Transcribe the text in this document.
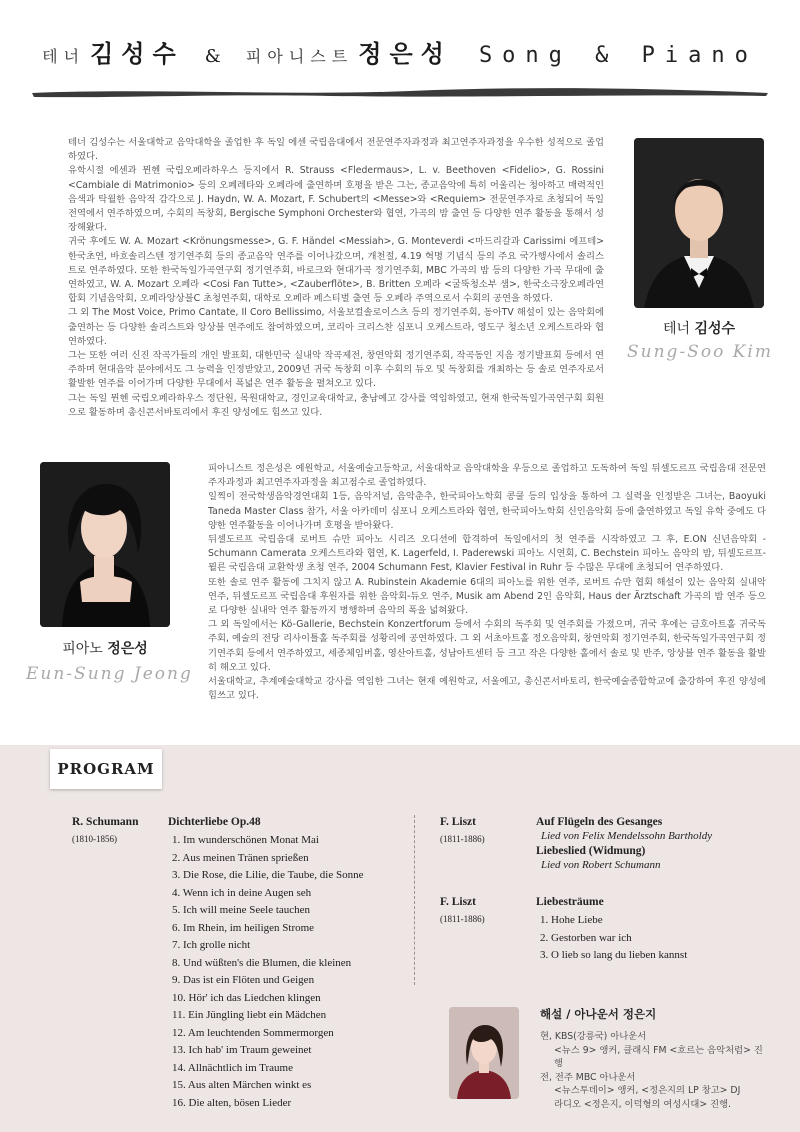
테너 김성수 & 피아니스트 정은성 Song & Piano

테너 김성수는 서울대학교 음악대학을 졸업한 후 독일 에센 국립음대에서 전문연주자과정과 최고연주자과정을 우수한 성적으로 졸업하였다.

유학시절 에센과 뮌헨 국립오페라하우스 등지에서 R. Strauss <Fledermaus>, L. v. Beethoven <Fidelio>, G. Rossini <Cambiale di Matrimonio> 등의 오페레타와 오페라에 출연하며 호평을 받은 그는, 종교음악에 특히 어울리는 청아하고 매력적인 음색과 탁월한 음악적 감각으로 J. Haydn, W. A. Mozart, F. Schubert의 <Messe>와 <Requiem> 전문연주자로 초청되어 독일 전역에서 연주하였으며, 수회의 독창회, Bergische Symphoni Orchester와 협연, 가곡의 밤 출연 등 다양한 연주 활동을 통해서 성장해왔다.

귀국 후에도 W. A. Mozart <Krönungsmesse>, G. F. Händel <Messiah>, G. Monteverdi <마드리갈과 Carissimi 에프테> 한국초연, 바흐솔리스텐 정기연주회 등의 종교음악 연주를 이어나갔으며, 개천절, 4.19 혁명 기념식 등의 주요 국가행사에서 솔리스트로 연주하였다. 또한 한국독일가곡연구회 정기연주회, 바로크와 현대가곡 정기연주회, MBC 가곡의 밤 등의 다양한 가곡 무대에 출연하였고, W. A. Mozart 오페라 <Cosi Fan Tutte>, <Zauberflöte>, B. Britten 오페라 <굴뚝청소부 샘>, 한국소극장오페라연합회 기념음악회, 오페라앙상블C 초청연주회, 대학로 오페라 페스티벌 출연 등 오페라 주역으로서 수회의 공연을 하였다.

그 외 The Most Voice, Primo Cantate, Il Coro Bellissimo, 서울보컬솔로이스츠 등의 정기연주회, 동아TV 해설이 있는 음악회에 출연하는 등 다양한 솔리스트와 앙상블 연주에도 참여하였으며, 코리아 크리스찬 심포니 오케스트라, 영도구 청소년 오케스트라와 협연하였다.

그는 또한 여러 신진 작곡가들의 개인 발표회, 대한민국 실내악 작곡제전, 창연악회 정기연주회, 작곡동인 지음 정기발표회 등에서 연주하며 현대음악 분야에서도 그 능력을 인정받았고, 2009년 귀국 독창회 이후 수회의 듀오 및 독창회를 개최하는 등 솔로 연주자로서 활발한 연주를 이어가며 다양한 무대에서 폭넓은 연주 활동을 펼쳐오고 있다.

그는 독일 뮌헨 국립오페라하우스 정단원, 목원대학교, 경인교육대학교, 충남예고 강사를 역임하였고, 현재 한국독일가곡연구회 회원으로 활동하며 총신콘서바토리에서 후진 양성에도 힘쓰고 있다.

테너 김성수
Sung-Soo Kim
피아노 정은성
Eun-Sung Jeong

피아니스트 정은성은 예원학교, 서울예술고등학교, 서울대학교 음악대학을 우등으로 졸업하고 도독하여 독일 뒤셀도르프 국립음대 전문연주자과정과 최고연주자과정을 최고점수로 졸업하였다.

일찍이 전국학생음악경연대회 1등, 음악저널, 음악춘추, 한국피아노학회 콩쿨 등의 입상을 통하여 그 실력을 인정받은 그녀는, Baoyuki Taneda Master Class 참가, 서울 아카데미 심포니 오케스트라와 협연, 한국피아노학회 신인음악회 등에 출연하였고 독일 유학 중에도 다양한 연주활동을 이어나가며 호평을 받아왔다.

뒤셀도르프 국립음대 로버트 슈만 피아노 시리즈 오디션에 합격하여 독일에서의 첫 연주를 시작하였고 그 후, E.ON 신년음악회 -Schumann Camerata 오케스트라와 협연, K. Lagerfeld, I. Paderewski 피아노 시연회, C. Bechstein 피아노 음악의 밤, 뒤셀도르프-뮐른 국립음대 교환학생 초청 연주, 2004 Schumann Fest, Klavier Festival in Ruhr 등 수많은 무대에 초청되어 연주하였다.

또한 솔로 연주 활동에 그치지 않고 A. Rubinstein Akademie 6대의 피아노를 위한 연주, 로버트 슈만 협회 해설이 있는 음악회 실내악 연주, 뒤셀도르프 국립음대 후원자를 위한 음악회-듀오 연주, Musik am Abend 2인 음악회, Haus der Ärztschaft 가곡의 밤 연주 등으로 다양한 실내악 연주 활동까지 병행하며 음악의 폭을 넓혀왔다.

그 외 독일에서는 Kö-Gallerie, Bechstein Konzertforum 등에서 수회의 독주회 및 연주회를 가졌으며, 귀국 후에는 금호아트홀 귀국독주회, 예술의 전당 리사이틀홀 독주회를 성황리에 공연하였다. 그 외 서초아트홀 정오음악회, 창연악회 정기연주회, 한국독일가곡연구회 정기연주회 등에서 연주하였고, 세종체임버홀, 영산아트홀, 성남아트센터 등 크고 작은 다양한 홀에서 솔로 및 반주, 앙상블 연주 활동을 활발히 해오고 있다.

서울대학교, 추계예술대학교 강사를 역임한 그녀는 현재 예원학교, 서울예고, 총신콘서바토리, 한국예술종합학교에 출강하여 후진 양성에 힘쓰고 있다.

PROGRAM
R. Schumann
(1810-1856)
Dichterliebe Op.48
1. Im wunderschönen Monat Mai
2. Aus meinen Tränen sprießen
3. Die Rose, die Lilie, die Taube, die Sonne
4. Wenn ich in deine Augen seh
5. Ich will meine Seele tauchen
6. Im Rhein, im heiligen Strome
7. Ich grolle nicht
8. Und wüßten's die Blumen, die kleinen
9. Das ist ein Flöten und Geigen
10. Hör' ich das Liedchen klingen
11. Ein Jüngling liebt ein Mädchen
12. Am leuchtenden Sommermorgen
13. Ich hab' im Traum geweinet
14. Allnächtlich im Traume
15. Aus alten Märchen winkt es
16. Die alten, bösen Lieder
F. Liszt
(1811-1886)
Auf Flügeln des Gesanges
Lied von Felix Mendelssohn Bartholdy
Liebeslied (Widmung)
Lied von Robert Schumann
F. Liszt
(1811-1886)
Liebesträume
1. Hohe Liebe
2. Gestorben war ich
3. O lieb so lang du lieben kannst
해설 / 아나운서 정은지
현, KBS(강릉국) 아나운서
<뉴스 9> 앵커, 클래식 FM <흐르는 음악처럼> 진행
전, 전주 MBC 아나운서
<뉴스투데이> 앵커, <정은지의 LP 창고> DJ
라디오 <정은지, 이덕형의 여성시대> 진행.
